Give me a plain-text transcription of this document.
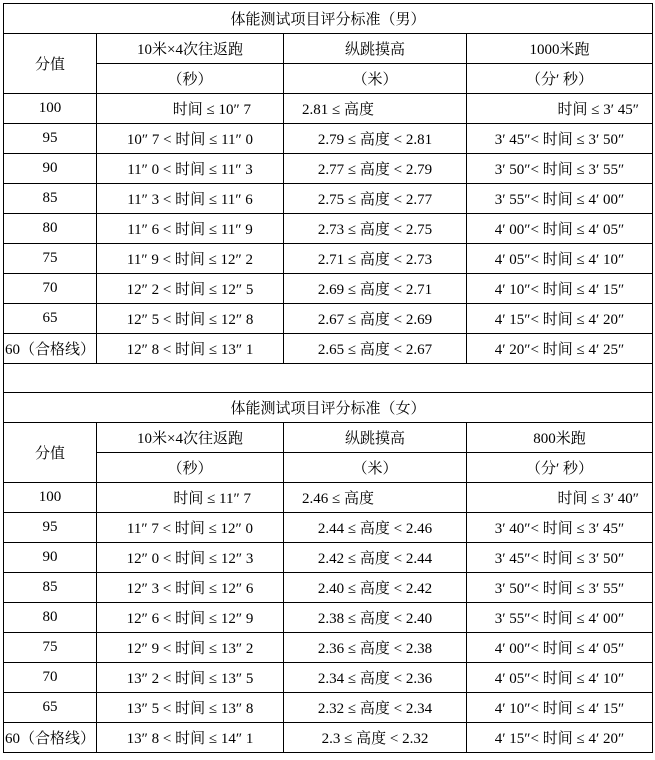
体能测试项目评分标准（男）			
分值	10米×4次往返跑	纵跳摸高	1000米跑
	（秒）	（米）	（分′ 秒）
100	时间 ≤ 10″ 7	2.81 ≤ 高度	时间 ≤ 3′ 45″
95	10″ 7 < 时间 ≤ 11″ 0	2.79 ≤ 高度 < 2.81	3′ 45″< 时间 ≤ 3′ 50″
90	11″ 0 < 时间 ≤ 11″ 3	2.77 ≤ 高度 < 2.79	3′ 50″< 时间 ≤ 3′ 55″
85	11″ 3 < 时间 ≤ 11″ 6	2.75 ≤ 高度 < 2.77	3′ 55″< 时间 ≤ 4′ 00″
80	11″ 6 < 时间 ≤ 11″ 9	2.73 ≤ 高度 < 2.75	4′ 00″< 时间 ≤ 4′ 05″
75	11″ 9 < 时间 ≤ 12″ 2	2.71 ≤ 高度 < 2.73	4′ 05″< 时间 ≤ 4′ 10″
70	12″ 2 < 时间 ≤ 12″ 5	2.69 ≤ 高度 < 2.71	4′ 10″< 时间 ≤ 4′ 15″
65	12″ 5 < 时间 ≤ 12″ 8	2.67 ≤ 高度 < 2.69	4′ 15″< 时间 ≤ 4′ 20″
60（合格线）	12″ 8 < 时间 ≤ 13″ 1	2.65 ≤ 高度 < 2.67	4′ 20″< 时间 ≤ 4′ 25″

体能测试项目评分标准（女）			
分值	10米×4次往返跑	纵跳摸高	800米跑
	（秒）	（米）	（分′ 秒）
100	时间 ≤ 11″ 7	2.46 ≤ 高度	时间 ≤ 3′ 40″
95	11″ 7 < 时间 ≤ 12″ 0	2.44 ≤ 高度 < 2.46	3′ 40″< 时间 ≤ 3′ 45″
90	12″ 0 < 时间 ≤ 12″ 3	2.42 ≤ 高度 < 2.44	3′ 45″< 时间 ≤ 3′ 50″
85	12″ 3 < 时间 ≤ 12″ 6	2.40 ≤ 高度 < 2.42	3′ 50″< 时间 ≤ 3′ 55″
80	12″ 6 < 时间 ≤ 12″ 9	2.38 ≤ 高度 < 2.40	3′ 55″< 时间 ≤ 4′ 00″
75	12″ 9 < 时间 ≤ 13″ 2	2.36 ≤ 高度 < 2.38	4′ 00″< 时间 ≤ 4′ 05″
70	13″ 2 < 时间 ≤ 13″ 5	2.34 ≤ 高度 < 2.36	4′ 05″< 时间 ≤ 4′ 10″
65	13″ 5 < 时间 ≤ 13″ 8	2.32 ≤ 高度 < 2.34	4′ 10″< 时间 ≤ 4′ 15″
60（合格线）	13″ 8 < 时间 ≤ 14″ 1	2.3 ≤ 高度 < 2.32	4′ 15″< 时间 ≤ 4′ 20″
